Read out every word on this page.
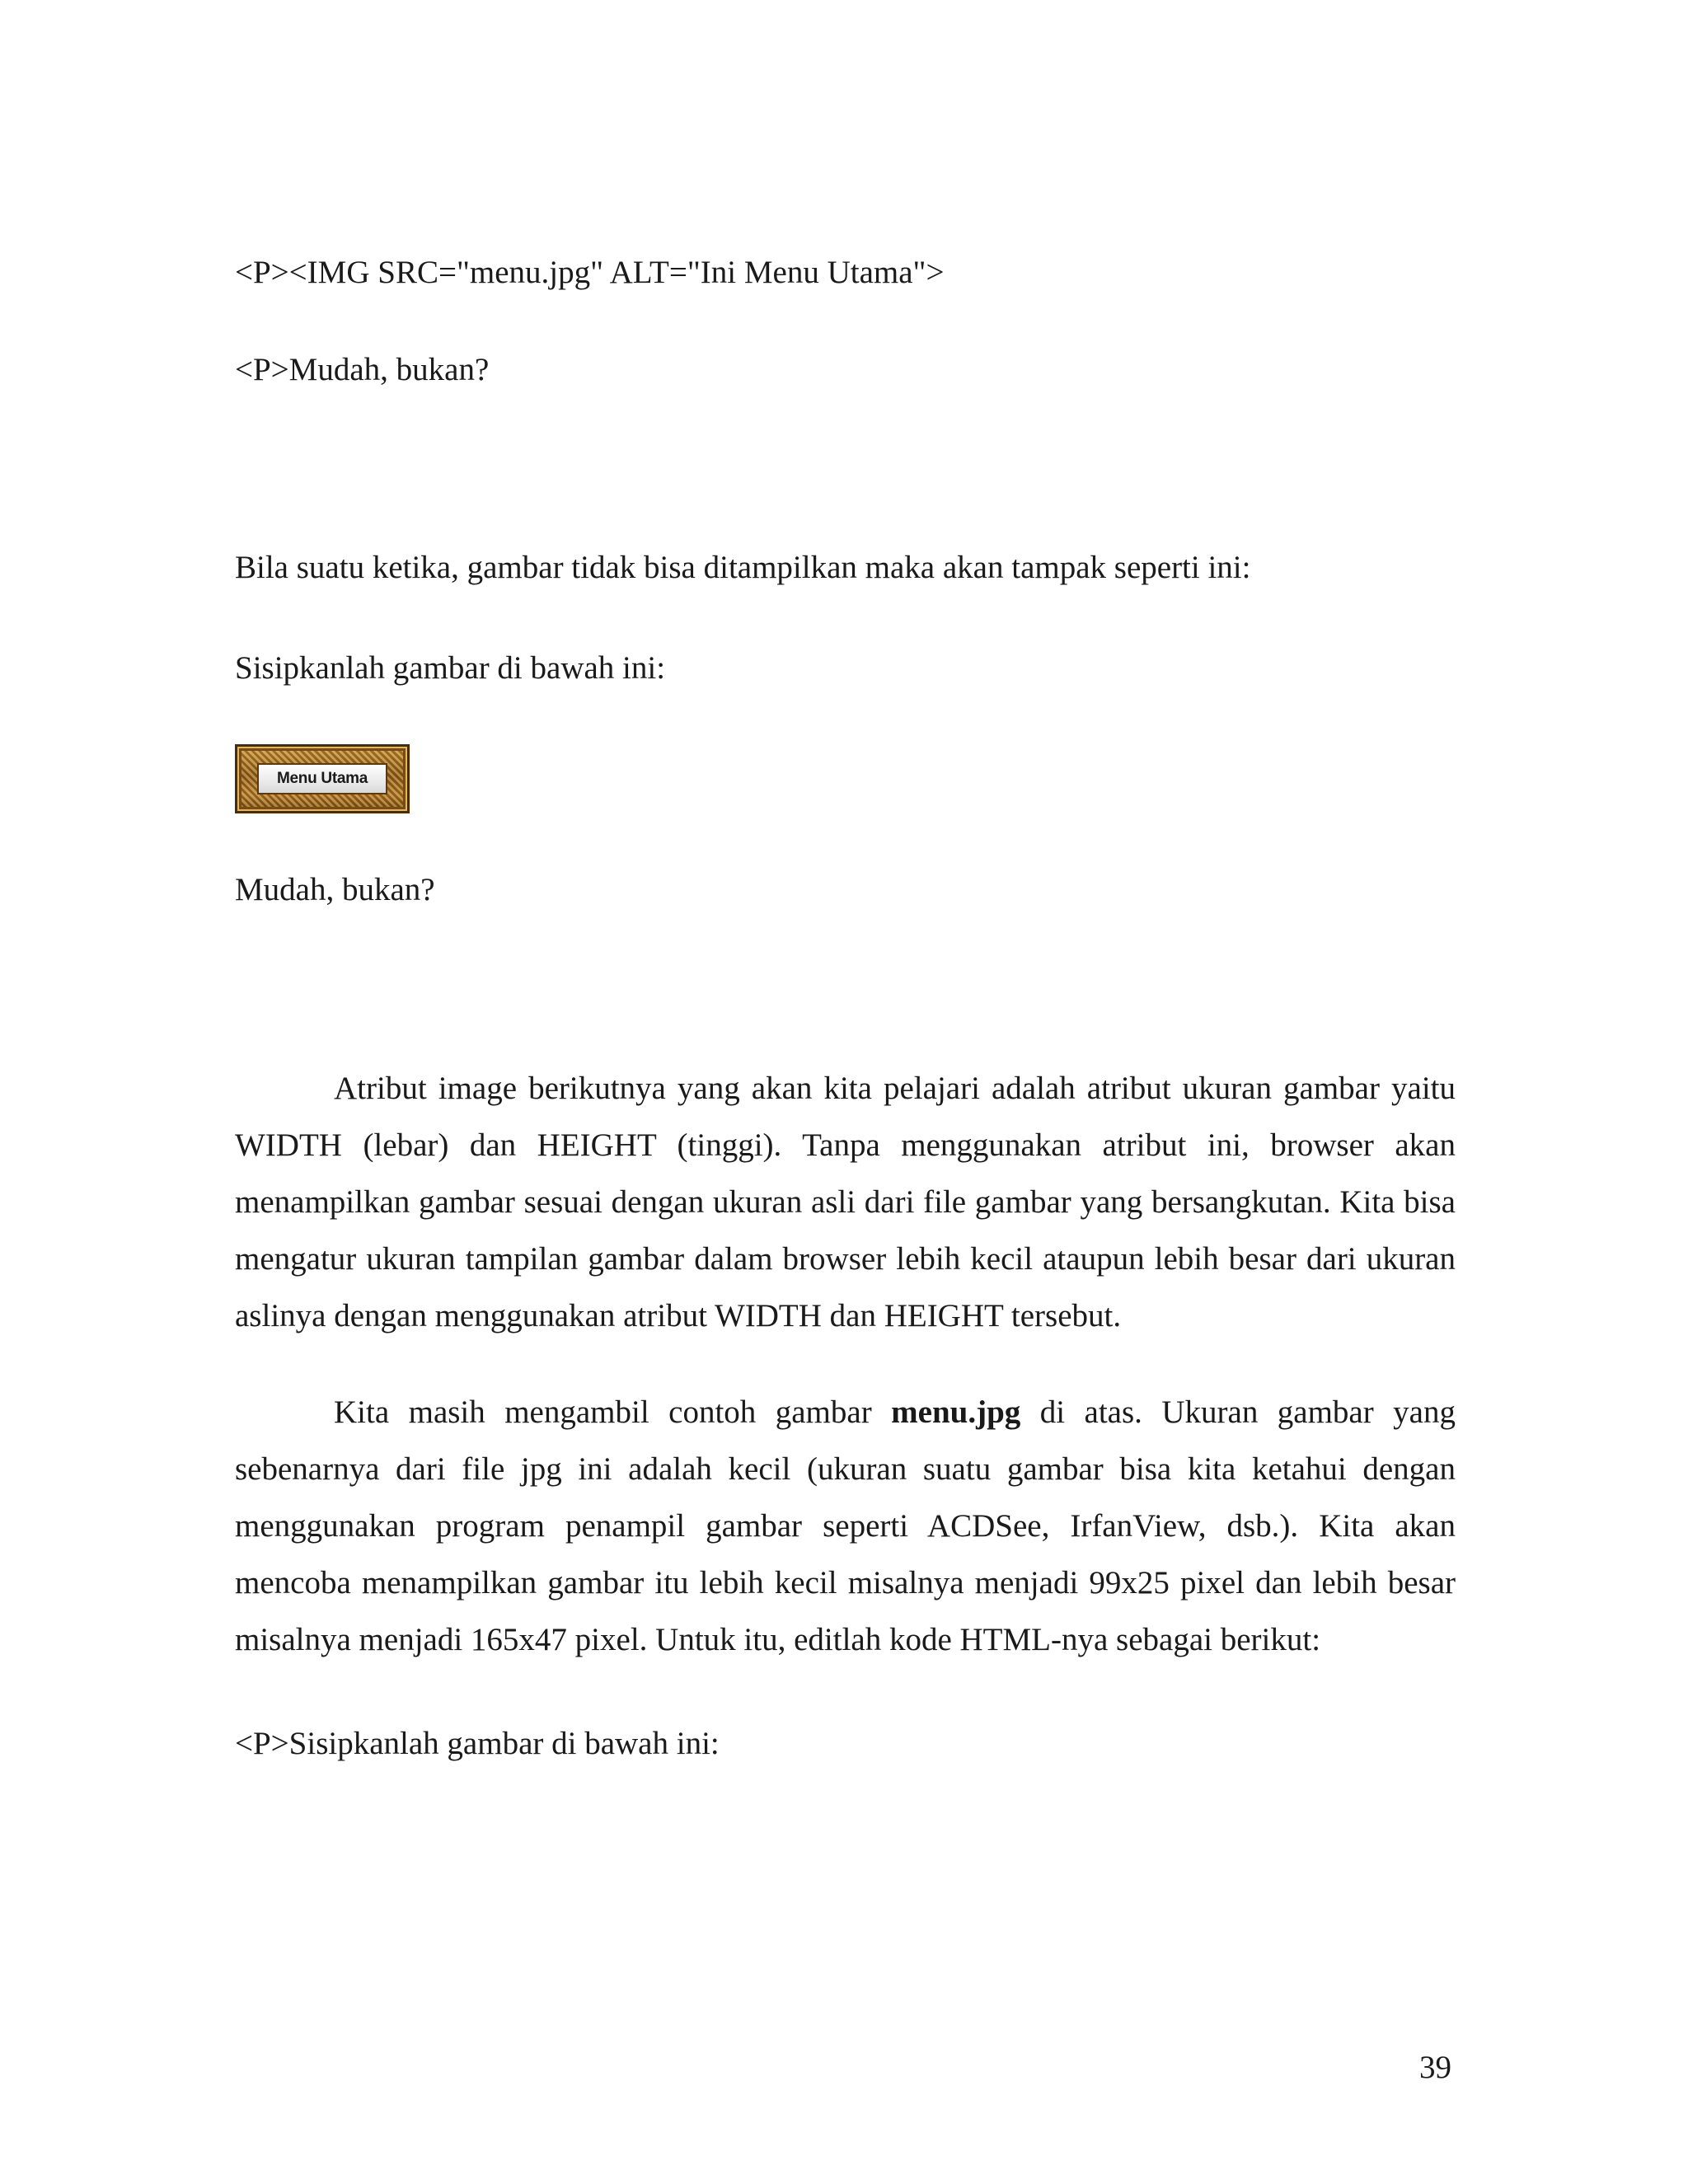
<P><IMG SRC="menu.jpg" ALT="Ini Menu Utama">
<P>Mudah, bukan?
Bila suatu ketika, gambar tidak bisa ditampilkan maka akan tampak seperti ini:
Sisipkanlah gambar di bawah ini:
Menu Utama
Mudah, bukan?

Atribut image berikutnya yang akan kita pelajari adalah atribut ukuran gambar yaitu WIDTH (lebar) dan HEIGHT (tinggi). Tanpa menggunakan atribut ini, browser akan menampilkan gambar sesuai dengan ukuran asli dari file gambar yang bersangkutan. Kita bisa mengatur ukuran tampilan gambar dalam browser lebih kecil ataupun lebih besar dari ukuran aslinya dengan menggunakan atribut WIDTH dan HEIGHT tersebut.

Kita masih mengambil contoh gambar menu.jpg di atas. Ukuran gambar yang sebenarnya dari file jpg ini adalah kecil (ukuran suatu gambar bisa kita ketahui dengan menggunakan program penampil gambar seperti ACDSee, IrfanView, dsb.). Kita akan mencoba menampilkan gambar itu lebih kecil misalnya menjadi 99x25 pixel dan lebih besar misalnya menjadi 165x47 pixel. Untuk itu, editlah kode HTML-nya sebagai berikut:

<P>Sisipkanlah gambar di bawah ini:
39
